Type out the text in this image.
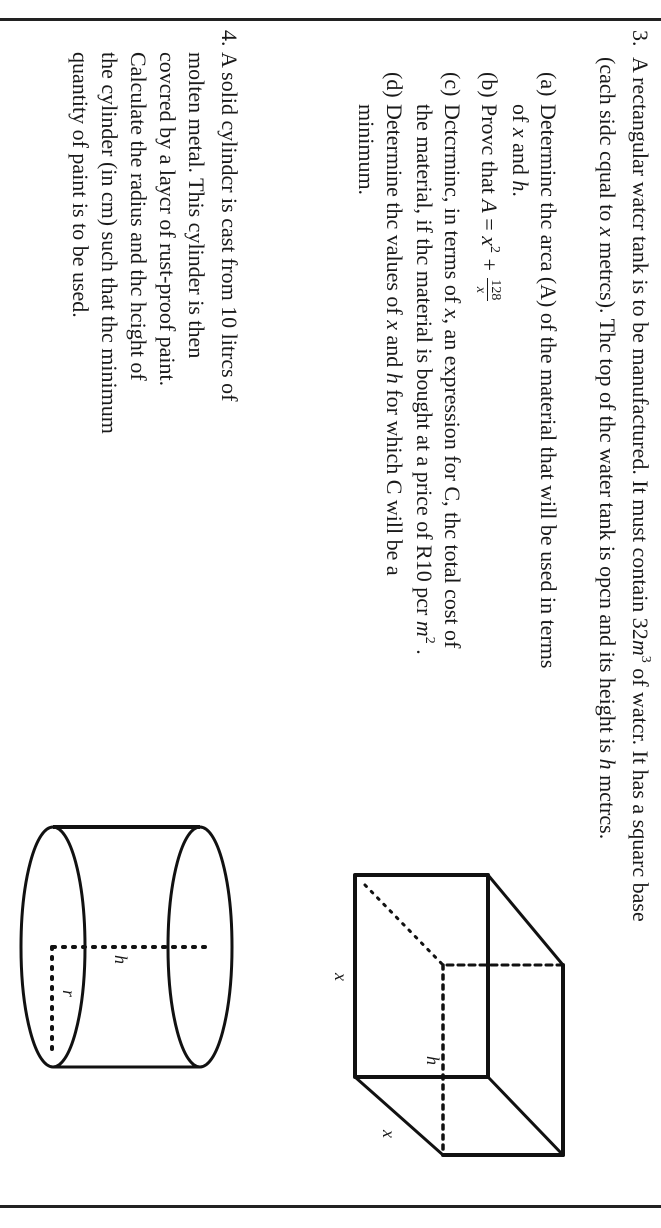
3.
A rectangular watcr tank is to be manufactured. It must contain $32m^3$ of watcr. It has a squarc base
(cach sidc cqual to x metrcs). Thc top of thc water tank is opcn and its height is h mctrcs.
(a)
Determinc thc arca (A) of the material that will be used in terms
of x and h.
(b)
Provc that $A = x^2$ +
128
x
(c)
Dctcrminc, in terms of x, an expression for C, thc total cost of
the material, if thc material is bought at a price of R10 pcr $m^2$ .
(d)
Determine thc values of x and h for which C will be a
minimum.
x
h
x
4.
A solid cylindcr is cast from 10 litrcs of
molten metal. This cylinder is then
covcred by a laycr of rust-proof paint.
Calculate the radius and thc hcight of
the cylinder (in cm) such that thc minimum
quantity of paint is to be used.
h
r
